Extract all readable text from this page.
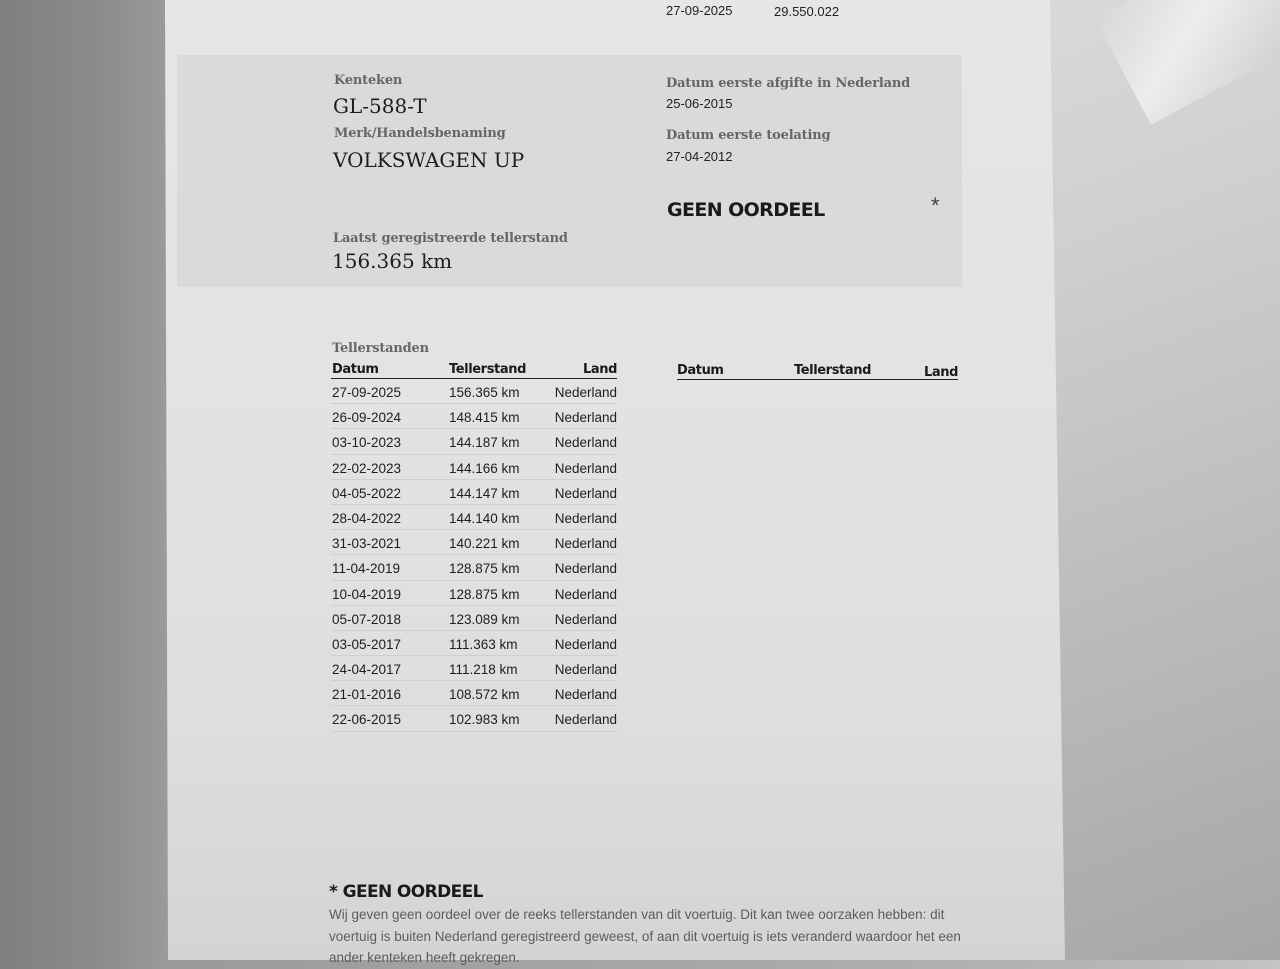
27-09-2025	29.550.022
Kenteken
GL-588-T
Merk/Handelsbenaming
VOLKSWAGEN UP
Datum eerste afgifte in Nederland
25-06-2015
Datum eerste toelating
27-04-2012
GEEN OORDEEL	*
Laatst geregistreerde tellerstand
156.365 km
Tellerstanden
Datum	Tellerstand	Land
27-09-2025	156.365 km	Nederland
26-09-2024	148.415 km	Nederland
03-10-2023	144.187 km	Nederland
22-02-2023	144.166 km	Nederland
04-05-2022	144.147 km	Nederland
28-04-2022	144.140 km	Nederland
31-03-2021	140.221 km	Nederland
11-04-2019	128.875 km	Nederland
10-04-2019	128.875 km	Nederland
05-07-2018	123.089 km	Nederland
03-05-2017	111.363 km	Nederland
24-04-2017	111.218 km	Nederland
21-01-2016	108.572 km	Nederland
22-06-2015	102.983 km	Nederland
Datum	Tellerstand	Land
* GEEN OORDEEL
Wij geven geen oordeel over de reeks tellerstanden van dit voertuig. Dit kan twee oorzaken hebben: dit voertuig is buiten Nederland geregistreerd geweest, of aan dit voertuig is iets veranderd waardoor het een ander kenteken heeft gekregen.
